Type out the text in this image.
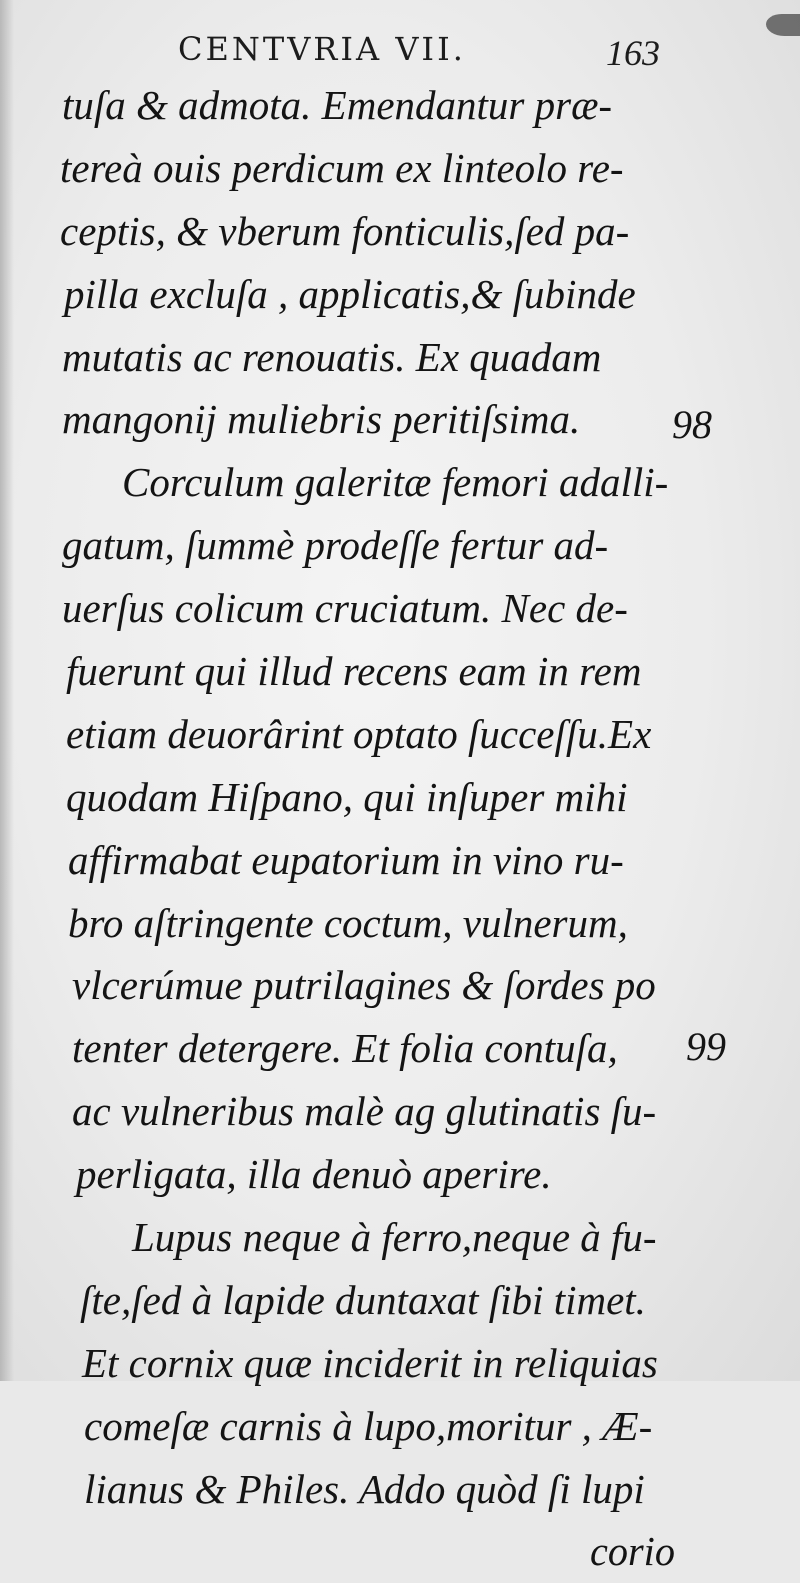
CENTVRIA VII.	163
tuſa & admota. Emendantur præ-
tereà ouis perdicum ex linteolo re-
ceptis, & vberum fonticulis,ſed pa-
pilla excluſa , applicatis,& ſubinde
mutatis ac renouatis. Ex quadam
mangonij muliebris peritiſsima.
Corculum galeritæ femori adalli-
gatum, ſummè prodeſſe fertur ad-
uerſus colicum cruciatum. Nec de-
fuerunt qui illud recens eam in rem
etiam deuorârint optato ſucceſſu.Ex
quodam Hiſpano, qui inſuper mihi
affirmabat eupatorium in vino ru-
bro aſtringente coctum, vulnerum,
vlcerúmue putrilagines & ſordes po
tenter detergere. Et folia contuſa,
ac vulneribus malè ag glutinatis ſu-
perligata, illa denuò aperire.
Lupus neque à ferro,neque à fu-
ſte,ſed à lapide duntaxat ſibi timet.
Et cornix quæ inciderit in reliquias
comeſæ carnis à lupo,moritur , Æ-
lianus & Philes. Addo quòd ſi lupi
corio
98
99
